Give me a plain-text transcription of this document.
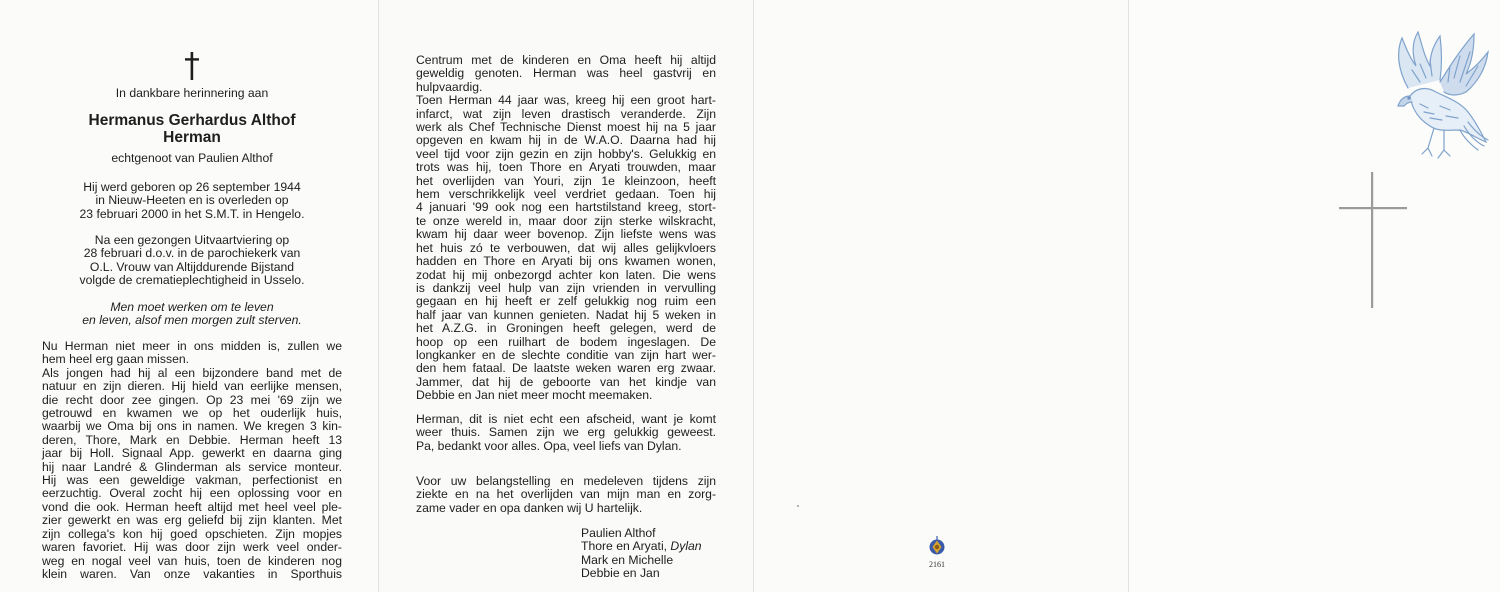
In dankbare herinnering aan
Hermanus Gerhardus Althof
Herman
echtgenoot van Paulien Althof
Hij werd geboren op 26 september 1944
in Nieuw-Heeten en is overleden op
23 februari 2000 in het S.M.T. in Hengelo.
Na een gezongen Uitvaartviering op
28 februari d.o.v. in de parochiekerk van
O.L. Vrouw van Altijddurende Bijstand
volgde de crematieplechtigheid in Usselo.
Men moet werken om te leven
en leven, alsof men morgen zult sterven.
Nu Herman niet meer in ons midden is, zullen we
hem heel erg gaan missen.
Als jongen had hij al een bijzondere band met de
natuur en zijn dieren. Hij hield van eerlijke mensen,
die recht door zee gingen. Op 23 mei '69 zijn we
getrouwd en kwamen we op het ouderlijk huis,
waarbij we Oma bij ons in namen. We kregen 3 kin-
deren, Thore, Mark en Debbie. Herman heeft 13
jaar bij Holl. Signaal App. gewerkt en daarna ging
hij naar Landré & Glinderman als service monteur.
Hij was een geweldige vakman, perfectionist en
eerzuchtig. Overal zocht hij een oplossing voor en
vond die ook. Herman heeft altijd met heel veel ple-
zier gewerkt en was erg geliefd bij zijn klanten. Met
zijn collega's kon hij goed opschieten. Zijn mopjes
waren favoriet. Hij was door zijn werk veel onder-
weg en nogal veel van huis, toen de kinderen nog
klein waren. Van onze vakanties in Sporthuis
Centrum met de kinderen en Oma heeft hij altijd
geweldig genoten. Herman was heel gastvrij en
hulpvaardig.
Toen Herman 44 jaar was, kreeg hij een groot hart-
infarct, wat zijn leven drastisch veranderde. Zijn
werk als Chef Technische Dienst moest hij na 5 jaar
opgeven en kwam hij in de W.A.O. Daarna had hij
veel tijd voor zijn gezin en zijn hobby's. Gelukkig en
trots was hij, toen Thore en Aryati trouwden, maar
het overlijden van Youri, zijn 1e kleinzoon, heeft
hem verschrikkelijk veel verdriet gedaan. Toen hij
4 januari '99 ook nog een hartstilstand kreeg, stort-
te onze wereld in, maar door zijn sterke wilskracht,
kwam hij daar weer bovenop. Zijn liefste wens was
het huis zó te verbouwen, dat wij alles gelijkvloers
hadden en Thore en Aryati bij ons kwamen wonen,
zodat hij mij onbezorgd achter kon laten. Die wens
is dankzij veel hulp van zijn vrienden in vervulling
gegaan en hij heeft er zelf gelukkig nog ruim een
half jaar van kunnen genieten. Nadat hij 5 weken in
het A.Z.G. in Groningen heeft gelegen, werd de
hoop op een ruilhart de bodem ingeslagen. De
longkanker en de slechte conditie van zijn hart wer-
den hem fataal. De laatste weken waren erg zwaar.
Jammer, dat hij de geboorte van het kindje van
Debbie en Jan niet meer mocht meemaken.
Herman, dit is niet echt een afscheid, want je komt
weer thuis. Samen zijn we erg gelukkig geweest.
Pa, bedankt voor alles. Opa, veel liefs van Dylan.
Voor uw belangstelling en medeleven tijdens zijn
ziekte en na het overlijden van mijn man en zorg-
zame vader en opa danken wij U hartelijk.
Paulien Althof
Thore en Aryati, Dylan
Mark en Michelle
Debbie en Jan
2161
